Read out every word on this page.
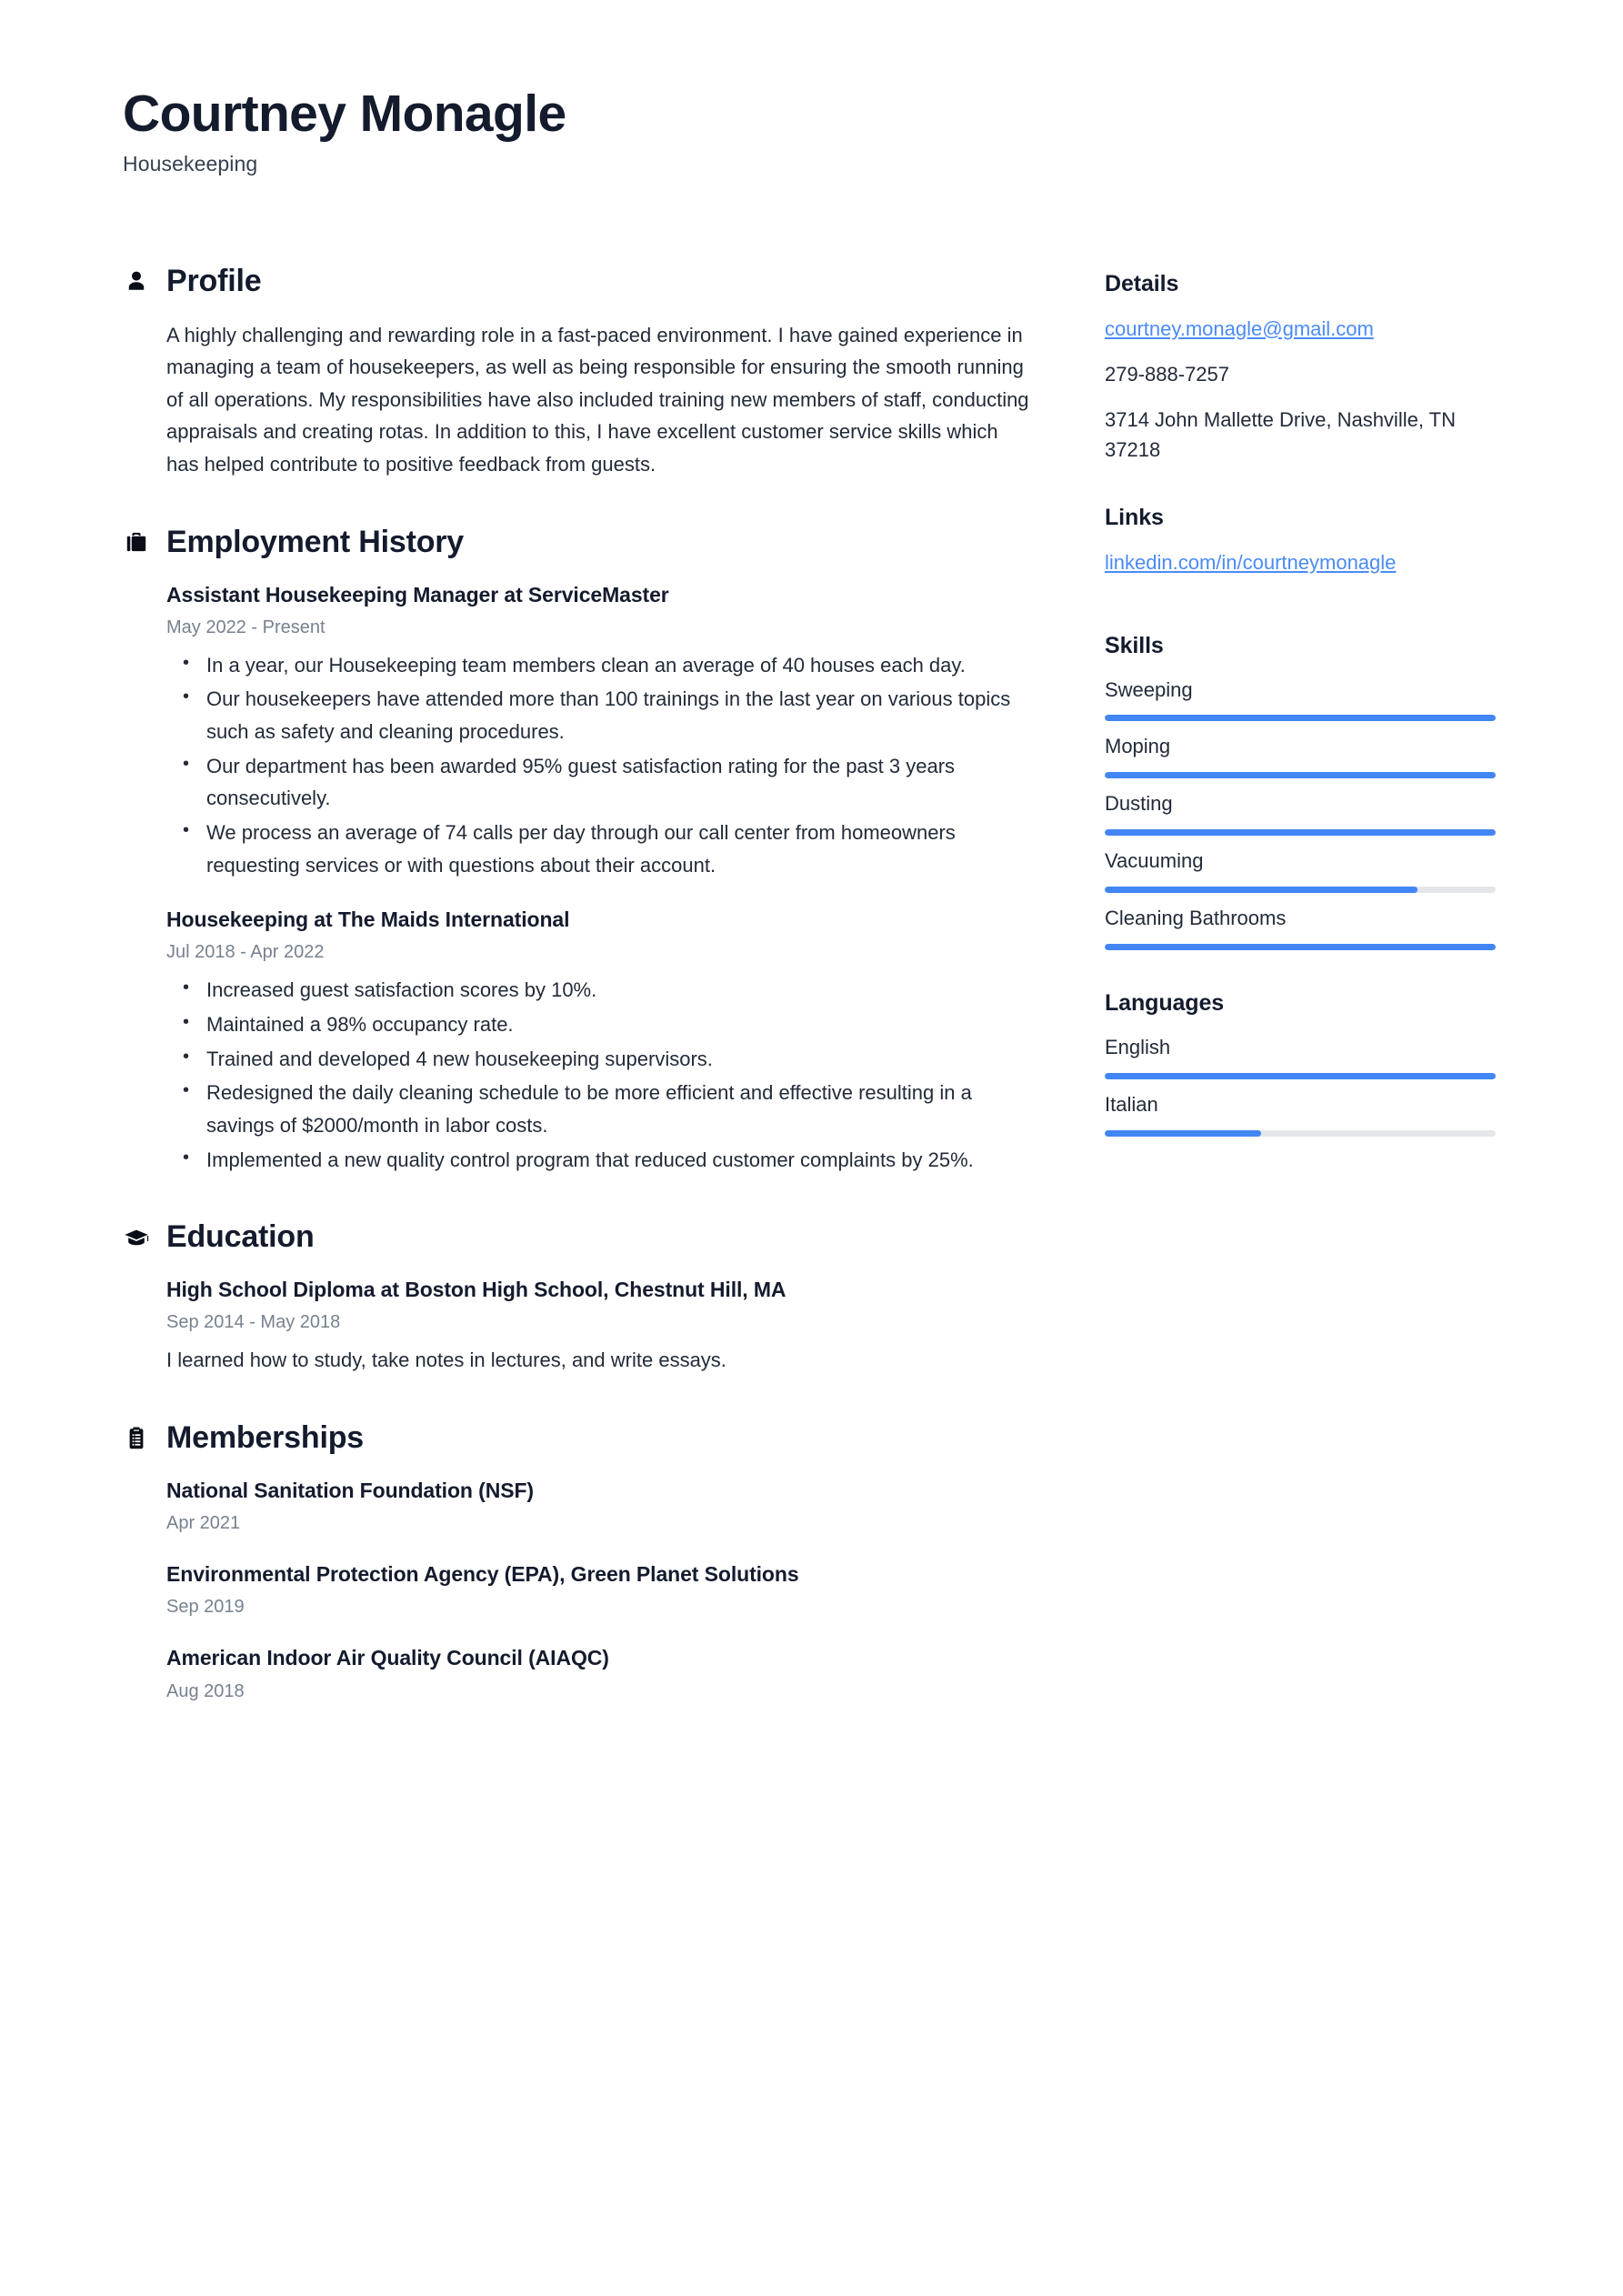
Courtney Monagle
Housekeeping
Profile

A highly challenging and rewarding role in a fast-paced environment. I have gained experience in managing a team of housekeepers, as well as being responsible for ensuring the smooth running of all operations. My responsibilities have also included training new members of staff, conducting appraisals and creating rotas. In addition to this, I have excellent customer service skills which has helped contribute to positive feedback from guests.

Employment History
Assistant Housekeeping Manager at ServiceMaster
May 2022 - Present
• In a year, our Housekeeping team members clean an average of 40 houses each day.
• Our housekeepers have attended more than 100 trainings in the last year on various topics such as safety and cleaning procedures.
• Our department has been awarded 95% guest satisfaction rating for the past 3 years consecutively.
• We process an average of 74 calls per day through our call center from homeowners requesting services or with questions about their account.
Housekeeping at The Maids International
Jul 2018 - Apr 2022
• Increased guest satisfaction scores by 10%.
• Maintained a 98% occupancy rate.
• Trained and developed 4 new housekeeping supervisors.
• Redesigned the daily cleaning schedule to be more efficient and effective resulting in a savings of $2000/month in labor costs.
• Implemented a new quality control program that reduced customer complaints by 25%.
Education
High School Diploma at Boston High School, Chestnut Hill, MA
Sep 2014 - May 2018
I learned how to study, take notes in lectures, and write essays.
Memberships
National Sanitation Foundation (NSF)
Apr 2021
Environmental Protection Agency (EPA), Green Planet Solutions
Sep 2019
American Indoor Air Quality Council (AIAQC)
Aug 2018
Details
courtney.monagle@gmail.com
279-888-7257
3714 John Mallette Drive, Nashville, TN 37218
Links
linkedin.com/in/courtneymonagle
Skills
Sweeping
Moping
Dusting
Vacuuming
Cleaning Bathrooms
Languages
English
Italian
